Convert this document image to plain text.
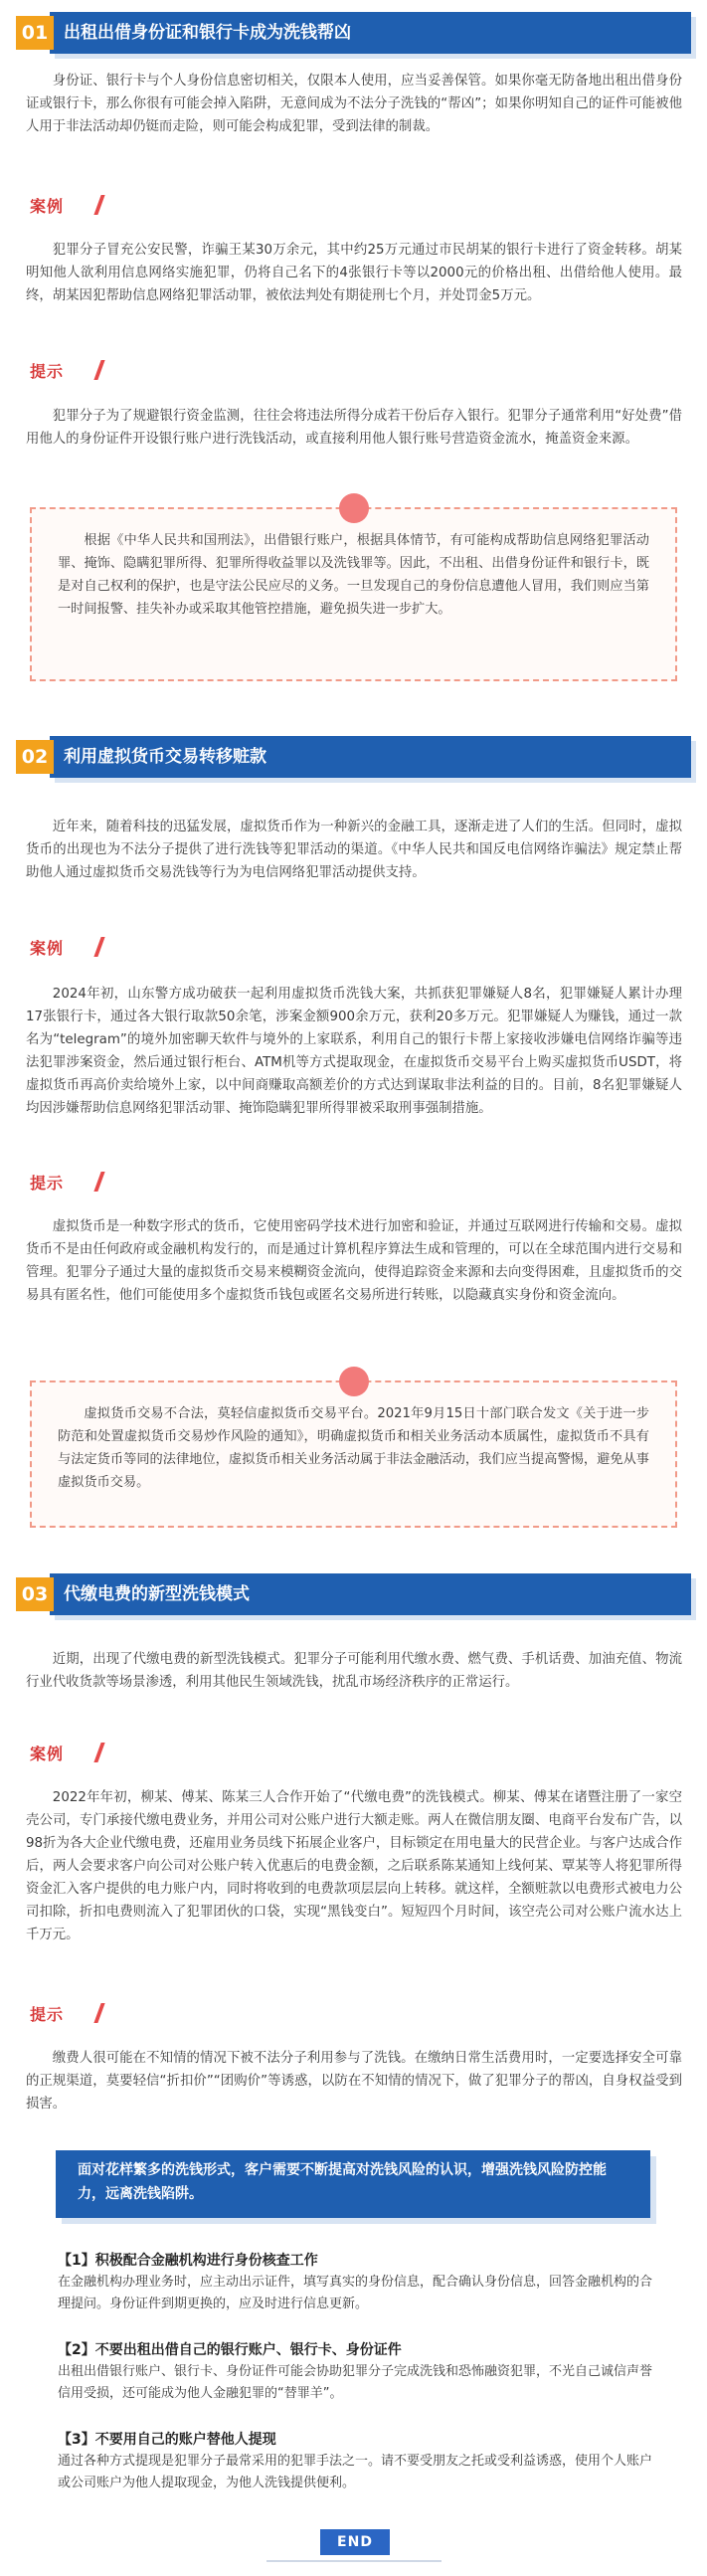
01 出租出借身份证和银行卡成为洗钱帮凶
身份证、银行卡与个人身份信息密切相关，仅限本人使用，应当妥善保管。如果你毫无防备地出租出借身份证或银行卡，那么你很有可能会掉入陷阱，无意间成为不法分子洗钱的“帮凶”；如果你明知自己的证件可能被他人用于非法活动却仍铤而走险，则可能会构成犯罪，受到法律的制裁。
案例
犯罪分子冒充公安民警，诈骗王某30万余元，其中约25万元通过市民胡某的银行卡进行了资金转移。胡某明知他人欲利用信息网络实施犯罪，仍将自己名下的4张银行卡等以2000元的价格出租、出借给他人使用。最终，胡某因犯帮助信息网络犯罪活动罪，被依法判处有期徒刑七个月，并处罚金5万元。
提示
犯罪分子为了规避银行资金监测，往往会将违法所得分成若干份后存入银行。犯罪分子通常利用“好处费”借用他人的身份证件开设银行账户进行洗钱活动，或直接利用他人银行账号营造资金流水，掩盖资金来源。
根据《中华人民共和国刑法》，出借银行账户，根据具体情节，有可能构成帮助信息网络犯罪活动罪、掩饰、隐瞒犯罪所得、犯罪所得收益罪以及洗钱罪等。因此，不出租、出借身份证件和银行卡，既是对自己权利的保护，也是守法公民应尽的义务。一旦发现自己的身份信息遭他人冒用，我们则应当第一时间报警、挂失补办或采取其他管控措施，避免损失进一步扩大。
02 利用虚拟货币交易转移赃款
近年来，随着科技的迅猛发展，虚拟货币作为一种新兴的金融工具，逐渐走进了人们的生活。但同时，虚拟货币的出现也为不法分子提供了进行洗钱等犯罪活动的渠道。《中华人民共和国反电信网络诈骗法》规定禁止帮助他人通过虚拟货币交易洗钱等行为为电信网络犯罪活动提供支持。
案例
2024年初，山东警方成功破获一起利用虚拟货币洗钱大案，共抓获犯罪嫌疑人8名，犯罪嫌疑人累计办理17张银行卡，通过各大银行取款50余笔，涉案金额900余万元，获利20多万元。犯罪嫌疑人为赚钱，通过一款名为“telegram”的境外加密聊天软件与境外的上家联系，利用自己的银行卡帮上家接收涉嫌电信网络诈骗等违法犯罪涉案资金，然后通过银行柜台、ATM机等方式提取现金，在虚拟货币交易平台上购买虚拟货币USDT，将虚拟货币再高价卖给境外上家，以中间商赚取高额差价的方式达到谋取非法利益的目的。目前，8名犯罪嫌疑人均因涉嫌帮助信息网络犯罪活动罪、掩饰隐瞒犯罪所得罪被采取刑事强制措施。
提示
虚拟货币是一种数字形式的货币，它使用密码学技术进行加密和验证，并通过互联网进行传输和交易。虚拟货币不是由任何政府或金融机构发行的，而是通过计算机程序算法生成和管理的，可以在全球范围内进行交易和管理。犯罪分子通过大量的虚拟货币交易来模糊资金流向，使得追踪资金来源和去向变得困难，且虚拟货币的交易具有匿名性，他们可能使用多个虚拟货币钱包或匿名交易所进行转账，以隐藏真实身份和资金流向。
虚拟货币交易不合法，莫轻信虚拟货币交易平台。2021年9月15日十部门联合发文《关于进一步防范和处置虚拟货币交易炒作风险的通知》，明确虚拟货币和相关业务活动本质属性，虚拟货币不具有与法定货币等同的法律地位，虚拟货币相关业务活动属于非法金融活动，我们应当提高警惕，避免从事虚拟货币交易。
03 代缴电费的新型洗钱模式
近期，出现了代缴电费的新型洗钱模式。犯罪分子可能利用代缴水费、燃气费、手机话费、加油充值、物流行业代收货款等场景渗透，利用其他民生领域洗钱，扰乱市场经济秩序的正常运行。
案例
2022年年初，柳某、傅某、陈某三人合作开始了“代缴电费”的洗钱模式。柳某、傅某在诸暨注册了一家空壳公司，专门承接代缴电费业务，并用公司对公账户进行大额走账。两人在微信朋友圈、电商平台发布广告，以98折为各大企业代缴电费，还雇用业务员线下拓展企业客户，目标锁定在用电量大的民营企业。与客户达成合作后，两人会要求客户向公司对公账户转入优惠后的电费金额，之后联系陈某通知上线何某、覃某等人将犯罪所得资金汇入客户提供的电力账户内，同时将收到的电费款项层层向上转移。就这样，全额赃款以电费形式被电力公司扣除，折扣电费则流入了犯罪团伙的口袋，实现“黑钱变白”。短短四个月时间，该空壳公司对公账户流水达上千万元。
提示
缴费人很可能在不知情的情况下被不法分子利用参与了洗钱。在缴纳日常生活费用时，一定要选择安全可靠的正规渠道，莫要轻信“折扣价”“团购价”等诱惑，以防在不知情的情况下，做了犯罪分子的帮凶，自身权益受到损害。
面对花样繁多的洗钱形式，客户需要不断提高对洗钱风险的认识，增强洗钱风险防控能力，远离洗钱陷阱。
【1】积极配合金融机构进行身份核查工作
在金融机构办理业务时，应主动出示证件，填写真实的身份信息，配合确认身份信息，回答金融机构的合理提问。身份证件到期更换的，应及时进行信息更新。
【2】不要出租出借自己的银行账户、银行卡、身份证件
出租出借银行账户、银行卡、身份证件可能会协助犯罪分子完成洗钱和恐怖融资犯罪，不光自己诚信声誉信用受损，还可能成为他人金融犯罪的“替罪羊”。
【3】不要用自己的账户替他人提现
通过各种方式提现是犯罪分子最常采用的犯罪手法之一。请不要受朋友之托或受利益诱惑，使用个人账户或公司账户为他人提取现金，为他人洗钱提供便利。
END
